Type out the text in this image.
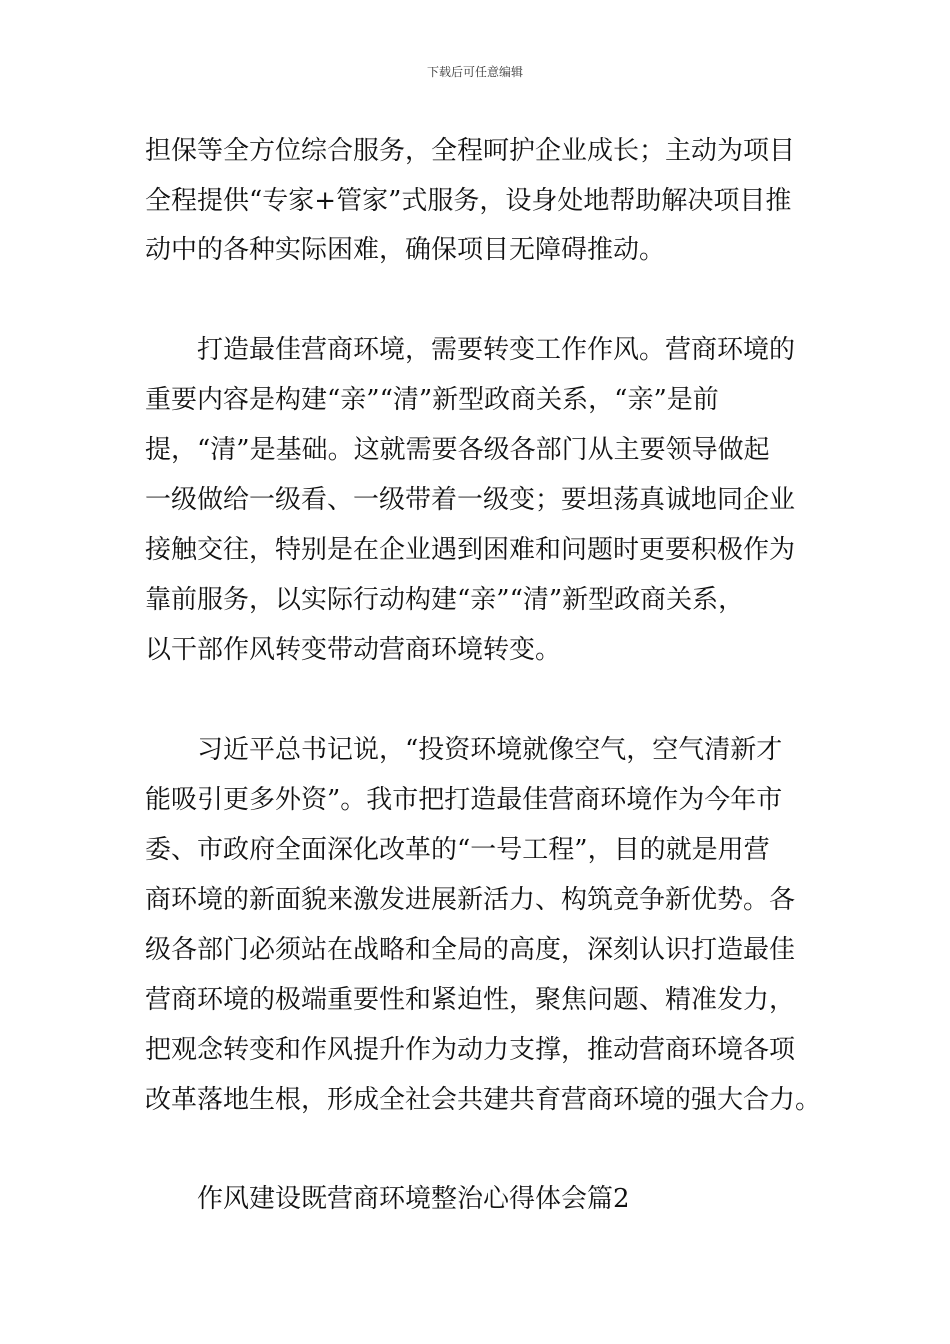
下载后可任意编辑
担保等全方位综合服务，全程呵护企业成长；主动为项目
全程提供“专家+管家”式服务，设身处地帮助解决项目推
动中的各种实际困难，确保项目无障碍推动。
打造最佳营商环境，需要转变工作作风。营商环境的
重要内容是构建“亲”“清”新型政商关系，“亲”是前
提，“清”是基础。这就需要各级各部门从主要领导做起
一级做给一级看、一级带着一级变；要坦荡真诚地同企业
接触交往，特别是在企业遇到困难和问题时更要积极作为
靠前服务，以实际行动构建“亲”“清”新型政商关系，
以干部作风转变带动营商环境转变。
习近平总书记说，“投资环境就像空气，空气清新才
能吸引更多外资”。我市把打造最佳营商环境作为今年市
委、市政府全面深化改革的“一号工程”，目的就是用营
商环境的新面貌来激发进展新活力、构筑竞争新优势。各
级各部门必须站在战略和全局的高度，深刻认识打造最佳
营商环境的极端重要性和紧迫性，聚焦问题、精准发力，
把观念转变和作风提升作为动力支撑，推动营商环境各项
改革落地生根，形成全社会共建共育营商环境的强大合力。
作风建设既营商环境整治心得体会篇2
